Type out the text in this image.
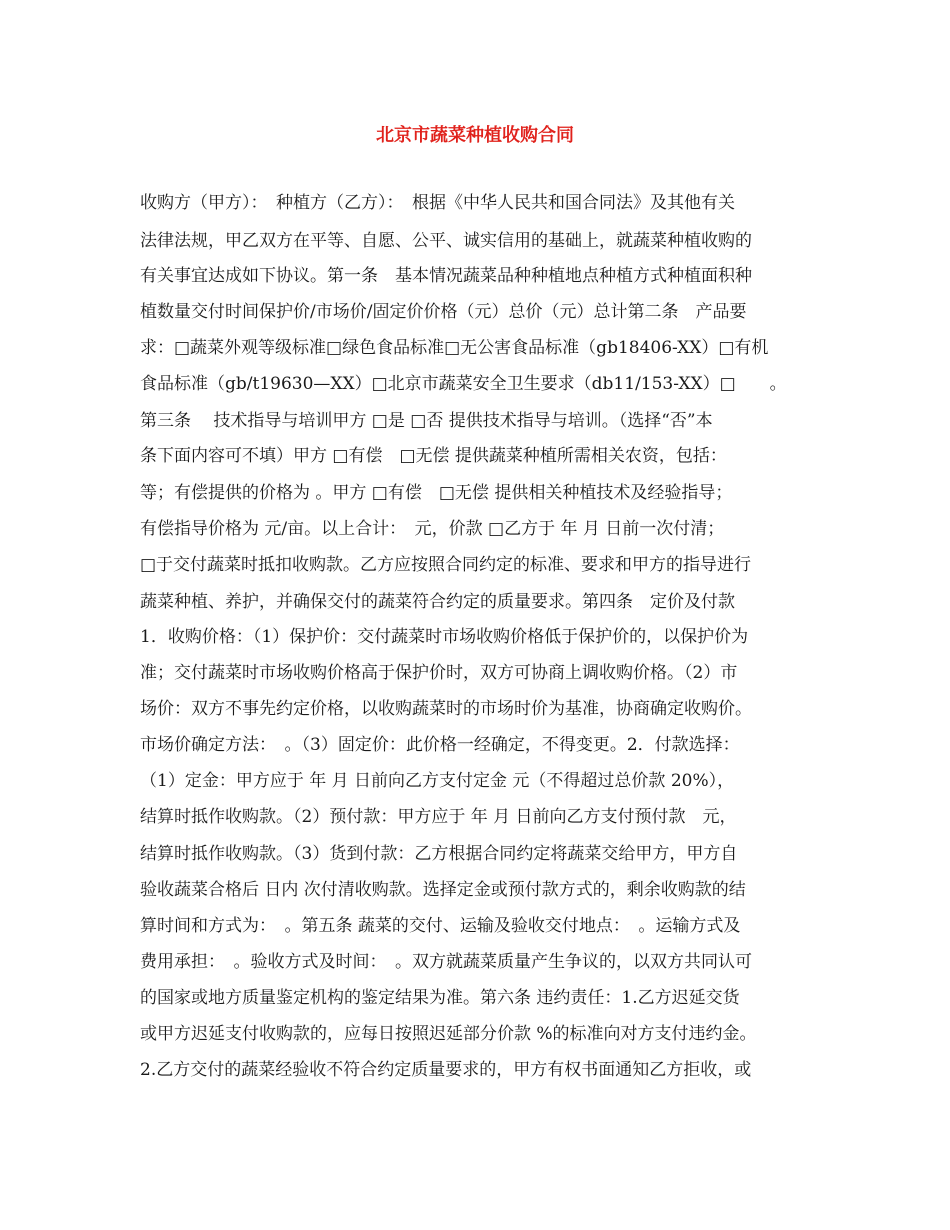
北京市蔬菜种植收购合同
收购方（甲方）：　种植方（乙方）：　根据《中华人民共和国合同法》及其他有关
法律法规，甲乙双方在平等、自愿、公平、诚实信用的基础上，就蔬菜种植收购的
有关事宜达成如下协议。第一条　基本情况蔬菜品种种植地点种植方式种植面积种
植数量交付时间保护价/市场价/固定价价格（元）总价（元）总计第二条　产品要
求：□蔬菜外观等级标准□绿色食品标准□无公害食品标准（gb18406-XX）□有机
食品标准（gb/t19630—XX）□北京市蔬菜安全卫生要求（db11/153-XX）□　　。
第三条　 技术指导与培训甲方 □是 □否 提供技术指导与培训。（选择“否”本
条下面内容可不填）甲方 □有偿　□无偿 提供蔬菜种植所需相关农资，包括：
等；有偿提供的价格为 。甲方 □有偿　□无偿 提供相关种植技术及经验指导；
有偿指导价格为 元/亩。以上合计：　元，价款 □乙方于 年 月 日前一次付清；
□于交付蔬菜时抵扣收购款。乙方应按照合同约定的标准、要求和甲方的指导进行
蔬菜种植、养护，并确保交付的蔬菜符合约定的质量要求。第四条　定价及付款
1．收购价格：（1）保护价：交付蔬菜时市场收购价格低于保护价的，以保护价为
准；交付蔬菜时市场收购价格高于保护价时，双方可协商上调收购价格。（2）市
场价：双方不事先约定价格，以收购蔬菜时的市场时价为基准，协商确定收购价。
市场价确定方法：　。（3）固定价：此价格一经确定，不得变更。2．付款选择：
（1）定金：甲方应于 年 月 日前向乙方支付定金 元（不得超过总价款 20%），
结算时抵作收购款。（2）预付款：甲方应于 年 月 日前向乙方支付预付款　元，
结算时抵作收购款。（3）货到付款：乙方根据合同约定将蔬菜交给甲方，甲方自
验收蔬菜合格后 日内 次付清收购款。选择定金或预付款方式的，剩余收购款的结
算时间和方式为：　。第五条 蔬菜的交付、运输及验收交付地点：　。运输方式及
费用承担：　。验收方式及时间：　。双方就蔬菜质量产生争议的，以双方共同认可
的国家或地方质量鉴定机构的鉴定结果为准。第六条 违约责任：1.乙方迟延交货
或甲方迟延支付收购款的，应每日按照迟延部分价款 %的标准向对方支付违约金。
2.乙方交付的蔬菜经验收不符合约定质量要求的，甲方有权书面通知乙方拒收，或
